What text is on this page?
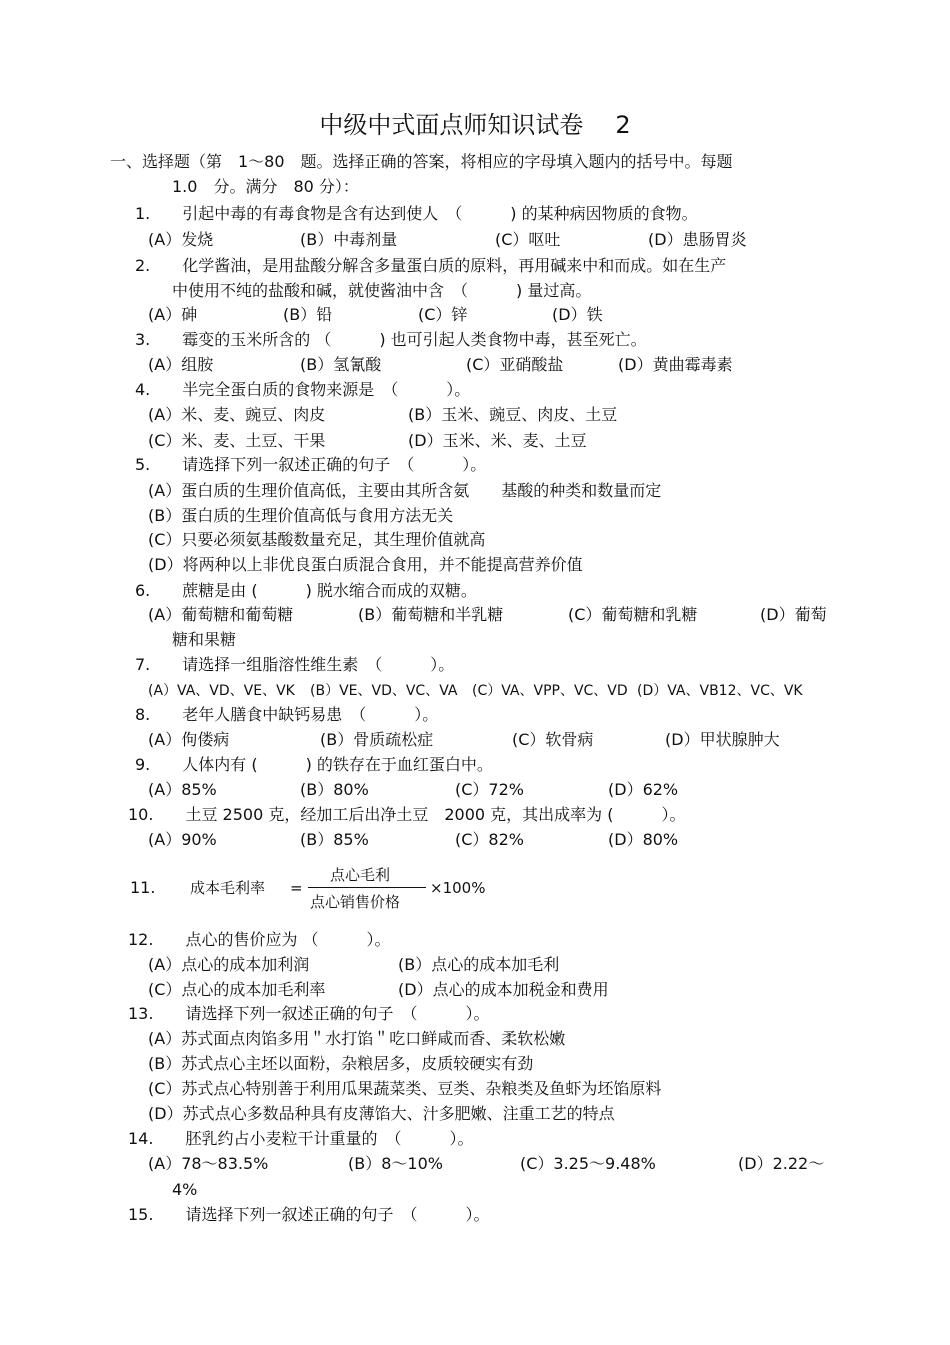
中级中式面点师知识试卷 2
一、选择题（第　1～80　题。选择正确的答案，将相应的字母填入题内的括号中。每题
1.0　分。满分　80 分）：
1.　　引起中毒的有毒食物是含有达到使人　（　　　) 的某种病因物质的食物。
(A）发烧	(B）中毒剂量	(C）呕吐	(D）患肠胃炎
2.　　化学酱油，是用盐酸分解含多量蛋白质的原料，再用碱来中和而成。如在生产
中使用不纯的盐酸和碱，就使酱油中含　（　　　) 量过高。
(A）砷	(B）铅	(C）锌	(D）铁
3.　　霉变的玉米所含的 （　　　) 也可引起人类食物中毒，甚至死亡。
(A）组胺	(B）氢氰酸	(C）亚硝酸盐	(D）黄曲霉毒素
4.　　半完全蛋白质的食物来源是　（　　　）。
(A）米、麦、豌豆、肉皮	(B）玉米、豌豆、肉皮、土豆
(C）米、麦、土豆、干果	(D）玉米、米、麦、土豆
5.　　请选择下列一叙述正确的句子　（　　　）。
(A）蛋白质的生理价值高低，主要由其所含氨　　基酸的种类和数量而定
(B）蛋白质的生理价值高低与食用方法无关
(C）只要必须氨基酸数量充足，其生理价值就高
(D）将两种以上非优良蛋白质混合食用，并不能提高营养价值
6.　　蔗糖是由 (　　　) 脱水缩合而成的双糖。
(A）葡萄糖和葡萄糖	(B）葡萄糖和半乳糖	(C）葡萄糖和乳糖	(D）葡萄
糖和果糖
7.　　请选择一组脂溶性维生素　（　　　）。
(A）VA、VD、VE、VK (B）VE、VD、VC、VA (C）VA、VPP、VC、VD (D）VA、VB12、VC、VK
8.　　老年人膳食中缺钙易患　（　　　）。
(A）佝偻病	(B）骨质疏松症	(C）软骨病	(D）甲状腺肿大
9.　　人体内有 (　　　) 的铁存在于血红蛋白中。
(A）85%	(B）80%	(C）72%	(D）62%
10.　　土豆 2500 克，经加工后出净土豆　2000 克，其出成率为 (　　　）。
(A）90%	(B）85%	(C）82%	(D）80%
11. 成本毛利率 =
点心毛利
点心销售价格
×100%
12.　　点心的售价应为 （　　　）。
(A）点心的成本加利润	(B）点心的成本加毛利
(C）点心的成本加毛利率	(D）点心的成本加税金和费用
13.　　请选择下列一叙述正确的句子　（　　　）。
(A）苏式面点肉馅多用＂水打馅＂吃口鲜咸而香、柔软松嫩
(B）苏式点心主坯以面粉，杂粮居多，皮质较硬实有劲
(C）苏式点心特别善于利用瓜果蔬菜类、豆类、杂粮类及鱼虾为坯馅原料
(D）苏式点心多数品种具有皮薄馅大、汁多肥嫩、注重工艺的特点
14.　　胚乳约占小麦粒干计重量的　（　　　）。
(A）78～83.5%	(B）8～10%	(C）3.25～9.48%	(D）2.22～
4%
15.　　请选择下列一叙述正确的句子　（　　　）。
